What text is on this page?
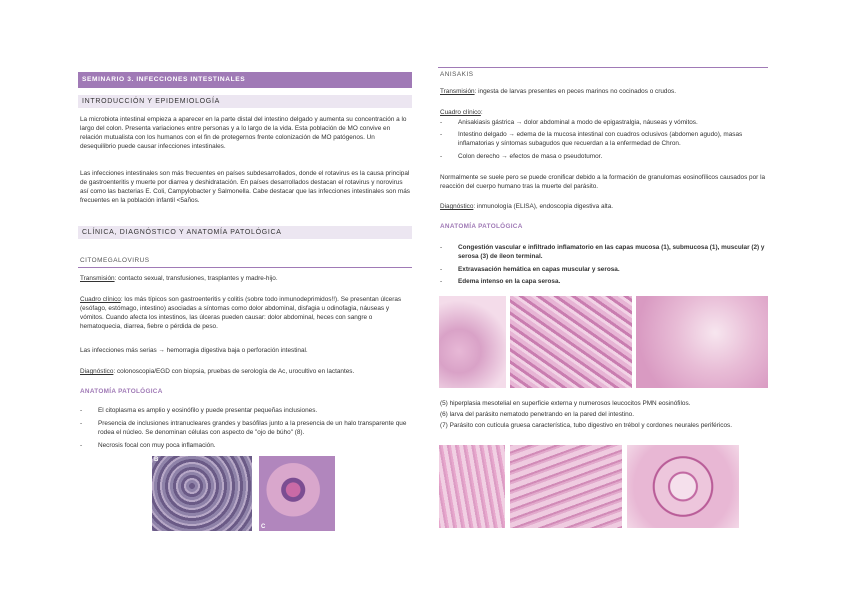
SEMINARIO 3. INFECCIONES INTESTINALES
INTRODUCCIÓN Y EPIDEMIOLOGÍA

La microbiota intestinal empieza a aparecer en la parte distal del intestino delgado y aumenta su concentración a lo largo del colon. Presenta variaciones entre personas y a lo largo de la vida. Esta población de MO convive en relación mutualista con los humanos con el fin de protegernos frente colonización de MO patógenos. Un desequilibrio puede causar infecciones intestinales.

Las infecciones intestinales son más frecuentes en países subdesarrollados, donde el rotavirus es la causa principal de gastroenteritis y muerte por diarrea y deshidratación. En países desarrollados destacan el rotavirus y norovirus así como las bacterias E. Coli, Campylobacter y Salmonella. Cabe destacar que las infecciones intestinales son más frecuentes en la población infantil <5años.

CLÍNICA, DIAGNÓSTICO Y ANATOMÍA PATOLÓGICA
CITOMEGALOVIRUS

Transmisión: contacto sexual, transfusiones, trasplantes y madre-hijo.

Cuadro clínico: los más típicos son gastroenteritis y colitis (sobre todo inmunodeprimidos!!). Se presentan úlceras (esófago, estómago, intestino) asociadas a síntomas como dolor abdominal, disfagia u odinofagia, náuseas y vómitos. Cuando afecta los intestinos, las úlceras pueden causar: dolor abdominal, heces con sangre o hematoquecia, diarrea, fiebre o pérdida de peso.

Las infecciones más serias → hemorragia digestiva baja o perforación intestinal.

Diagnóstico: colonoscopia/EGD con biopsia, pruebas de serología de Ac, urocultivo en lactantes.

ANATOMÍA PATOLÓGICA
- El citoplasma es amplio y eosinófilo y puede presentar pequeñas inclusiones.
- Presencia de inclusiones intranucleares grandes y basófilas junto a la presencia de un halo transparente que rodea el núcleo. Se denominan células con aspecto de "ojo de búho" (8).
- Necrosis focal con muy poca inflamación.
B
C
ANISAKIS

Transmisión: ingesta de larvas presentes en peces marinos no cocinados o crudos.

Cuadro clínico:

- Anisakiasis gástrica → dolor abdominal a modo de epigastralgia, náuseas y vómitos.
- Intestino delgado → edema de la mucosa intestinal con cuadros oclusivos (abdomen agudo), masas inflamatorias y síntomas subagudos que recuerdan a la enfermedad de Chron.
- Colon derecho → efectos de masa o pseudotumor.

Normalmente se suele pero se puede cronificar debido a la formación de granulomas eosinofílicos causados por la reacción del cuerpo humano tras la muerte del parásito.

Diagnóstico: inmunología (ELISA), endoscopia digestiva alta.

ANATOMÍA PATOLÓGICA
- Congestión vascular e infiltrado inflamatorio en las capas mucosa (1), submucosa (1), muscular (2) y serosa (3) de íleon terminal.
- Extravasación hemática en capas muscular y serosa.
- Edema intenso en la capa serosa.

(5) hiperplasia mesotelial en superficie externa y numerosos leucocitos PMN eosinófilos.

(6) larva del parásito nematodo penetrando en la pared del intestino.

(7) Parásito con cutícula gruesa característica, tubo digestivo en trébol y cordones neurales periféricos.
